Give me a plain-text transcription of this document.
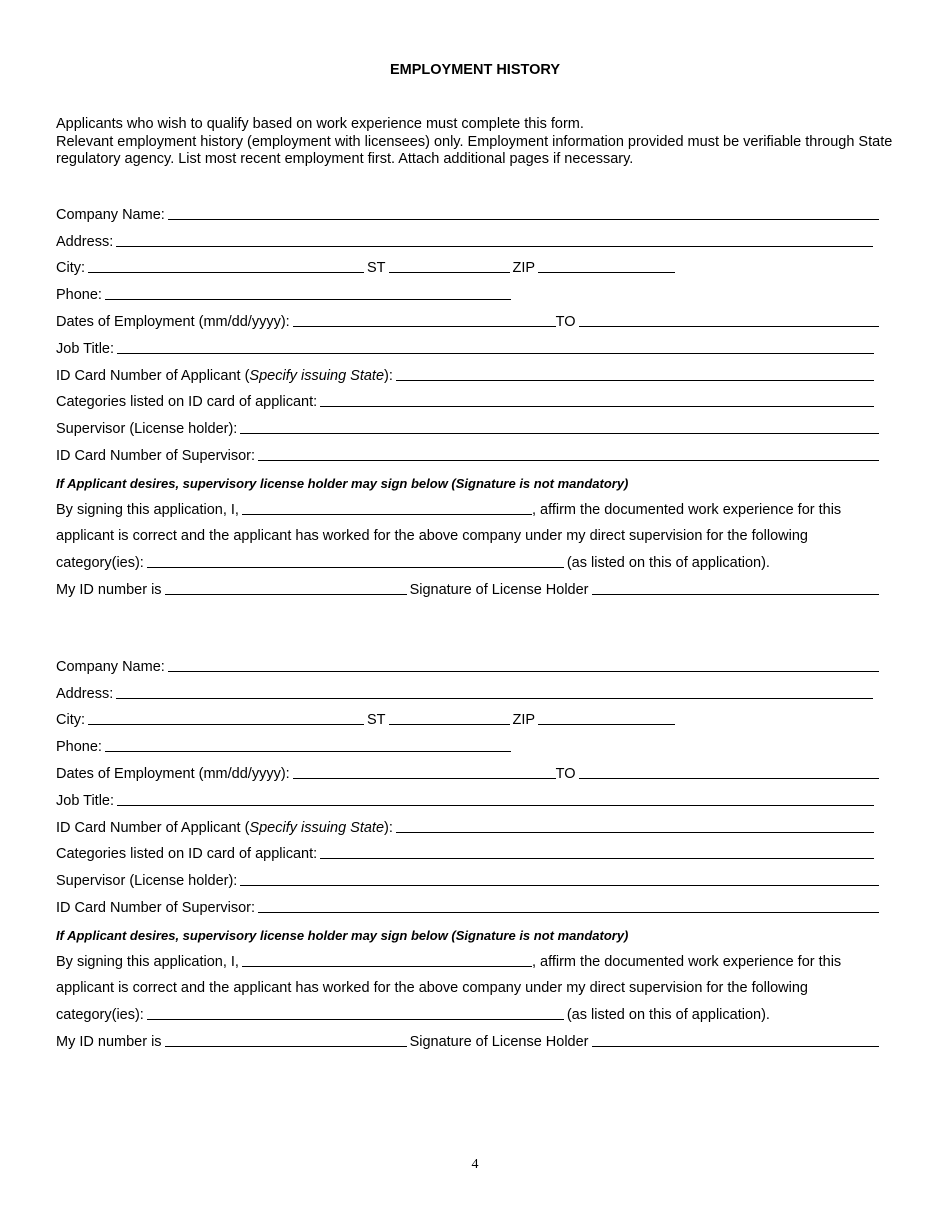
EMPLOYMENT HISTORY
Applicants who wish to qualify based on work experience must complete this form.
Relevant employment history (employment with licensees) only. Employment information provided must be verifiable through State regulatory agency. List most recent employment first. Attach additional pages if necessary.
Company Name:
Address:
City:	ST	ZIP
Phone:
Dates of Employment (mm/dd/yyyy):	TO
Job Title:
ID Card Number of Applicant (Specify issuing State):
Categories listed on ID card of applicant:
Supervisor (License holder):
ID Card Number of Supervisor:
If Applicant desires, supervisory license holder may sign below (Signature is not mandatory)
By signing this application, I,	, affirm the documented work experience for this
applicant is correct and the applicant has worked for the above company under my direct supervision for the following
category(ies):	(as listed on this of application).
My ID number is	Signature of License Holder
Company Name:
Address:
City:	ST	ZIP
Phone:
Dates of Employment (mm/dd/yyyy):	TO
Job Title:
ID Card Number of Applicant (Specify issuing State):
Categories listed on ID card of applicant:
Supervisor (License holder):
ID Card Number of Supervisor:
If Applicant desires, supervisory license holder may sign below (Signature is not mandatory)
By signing this application, I,	, affirm the documented work experience for this
applicant is correct and the applicant has worked for the above company under my direct supervision for the following
category(ies):	(as listed on this of application).
My ID number is	Signature of License Holder
4
